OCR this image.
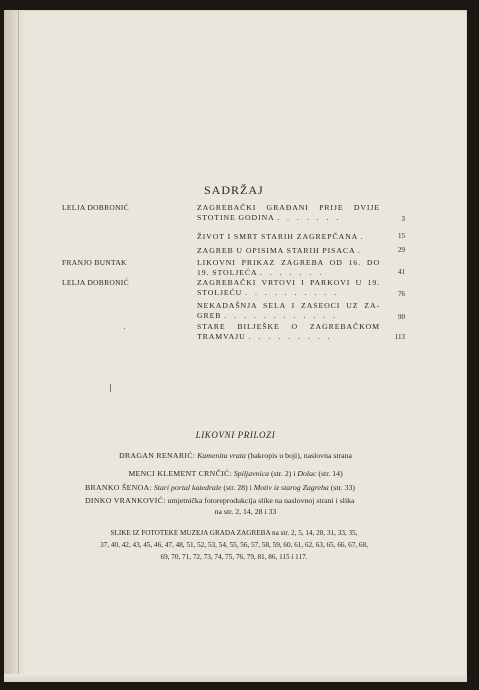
SADRŽAJ
LELJA DOBRONIĆ	ZAGREBAČKI GRAĐANI PRIJE DVIJE
STOTINE GODINA . . . . . . .	3
ŽIVOT I SMRT STARIH ZAGREPČANA .	15
ZAGREB U OPISIMA STARIH PISACA .	29
FRANJO BUNTAK	LIKOVNI PRIKAZ ZAGREBA OD 16. DO
19. STOLJEĆA . . . . . . .	41
LELJA DOBRONIĆ	ZAGREBAČKI VRTOVI I PARKOVI U 19.
STOLJEĆU . . . . . . . . . .	76
NEKADAŠNJA SELA I ZASEOCI UZ ZA-
GREB . . . . . . . . . . . .	90
STARE BILJEŠKE O ZAGREBAČKOM
TRAMVAJU . . . . . . . . .	113
LIKOVNI PRILOZI
DRAGAN RENARIĆ: Kamenita vrata (bakropis u boji), naslovna strana
MENCI KLEMENT CRNČIĆ: Spiljavnica (str. 2) i Dolac (str. 14)
BRANKO ŠENOA: Stari portal katedrale (str. 28) i Motiv iz starog Zagreba (str. 33)
DINKO VRANKOVIĆ: umjetnička fotoreprodukcija slike na naslovnoj strani i slika
na str. 2, 14, 28 i 33
SLIKE IZ FOTOTEKE MUZEJA GRADA ZAGREBA na str. 2, 5, 14, 28, 31, 33, 35,
37, 40, 42, 43, 45, 46, 47, 48, 51, 52, 53, 54, 55, 56, 57, 58, 59, 60, 61, 62, 63, 65, 66, 67, 68,
69, 70, 71, 72, 73, 74, 75, 76, 79, 81, 86, 115 i 117.
